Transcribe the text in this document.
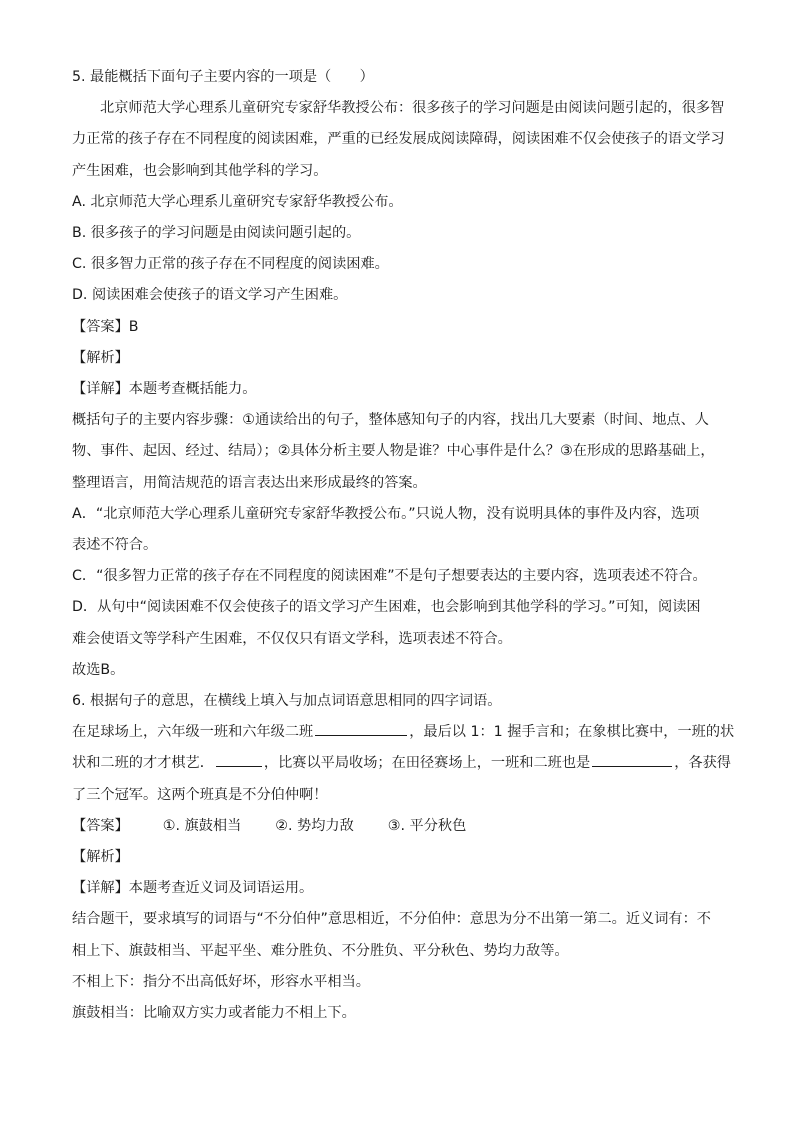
5. 最能概括下面句子主要内容的一项是（　　）

北京师范大学心理系儿童研究专家舒华教授公布：很多孩子的学习问题是由阅读问题引起的，很多智

力正常的孩子存在不同程度的阅读困难，严重的已经发展成阅读障碍，阅读困难不仅会使孩子的语文学习

产生困难，也会影响到其他学科的学习。

A. 北京师范大学心理系儿童研究专家舒华教授公布。

B. 很多孩子的学习问题是由阅读问题引起的。

C. 很多智力正常的孩子存在不同程度的阅读困难。

D. 阅读困难会使孩子的语文学习产生困难。

【答案】B

【解析】

【详解】本题考查概括能力。

概括句子的主要内容步骤：①通读给出的句子，整体感知句子的内容，找出几大要素（时间、地点、人

物、事件、起因、经过、结局）；②具体分析主要人物是谁？中心事件是什么？③在形成的思路基础上，

整理语言，用简洁规范的语言表达出来形成最终的答案。

A．“北京师范大学心理系儿童研究专家舒华教授公布。”只说人物，没有说明具体的事件及内容，选项

表述不符合。

C．“很多智力正常的孩子存在不同程度的阅读困难”不是句子想要表达的主要内容，选项表述不符合。

D．从句中“阅读困难不仅会使孩子的语文学习产生困难，也会影响到其他学科的学习。”可知，阅读困

难会使语文等学科产生困难，不仅仅只有语文学科，选项表述不符合。

故选B。

6. 根据句子的意思，在横线上填入与加点词语意思相同的四字词语。

在足球场上，六年级一班和六年级二班	，最后以 1：1 握手言和；在象棋比赛中，一班的状

状和二班的才才棋艺．	，比赛以平局收场；在田径赛场上，一班和二班也是	，各获得

了三个冠军。这两个班真是不分伯仲啊！

【答案】 ①. 旗鼓相当 ②. 势均力敌 ③. 平分秋色

【解析】

【详解】本题考查近义词及词语运用。

结合题干，要求填写的词语与“不分伯仲”意思相近，不分伯仲：意思为分不出第一第二。近义词有：不

相上下、旗鼓相当、平起平坐、难分胜负、不分胜负、平分秋色、势均力敌等。

不相上下：指分不出高低好坏，形容水平相当。

旗鼓相当：比喻双方实力或者能力不相上下。
